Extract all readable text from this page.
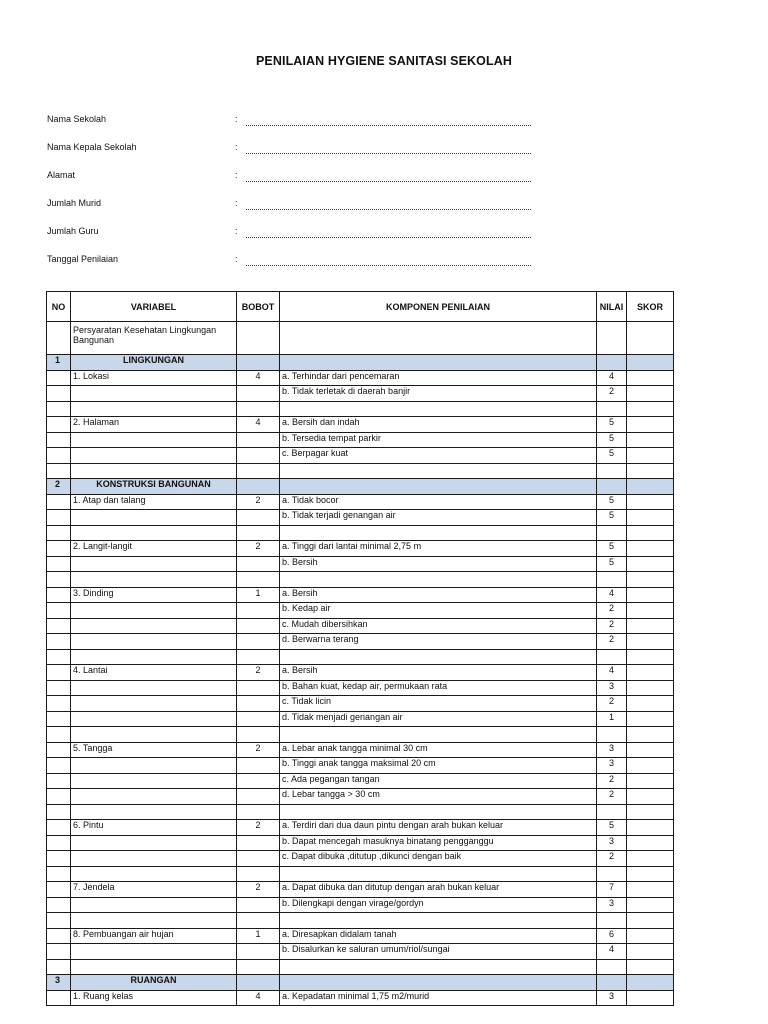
PENILAIAN HYGIENE SANITASI SEKOLAH
Nama Sekolah	:
Nama Kepala Sekolah	:
Alamat	:
Jumlah Murid	:
Jumlah Guru	:
Tanggal Penilaian	:
NO	VARIABEL	BOBOT	KOMPONEN PENILAIAN	NILAI	SKOR
	Persyaratan Kesehatan Lingkungan Bangunan				
1	LINGKUNGAN				
	1. Lokasi	4	a. Terhindar dari pencemaran	4	
			b. Tidak terletak di daerah banjir	2	

	2. Halaman	4	a. Bersih dan indah	5	
			b. Tersedia tempat parkir	5	
			c. Berpagar kuat	5	

2	KONSTRUKSI BANGUNAN				
	1. Atap dan talang	2	a. Tidak bocor	5	
			b. Tidak terjadi genangan air	5	

	2. Langit-langit	2	a. Tinggi dari lantai minimal 2,75 m	5	
			b. Bersih	5	

	3. Dinding	1	a. Bersih	4	
			b. Kedap air	2	
			c. Mudah dibersihkan	2	
			d. Berwarna terang	2	

	4. Lantai	2	a. Bersih	4	
			b. Bahan kuat, kedap air, permukaan rata	3	
			c. Tidak licin	2	
			d. Tidak menjadi genangan air	1	

	5. Tangga	2	a. Lebar anak tangga minimal 30 cm	3	
			b. Tinggi anak tangga maksimal 20 cm	3	
			c. Ada pegangan tangan	2	
			d. Lebar tangga > 30 cm	2	

	6. Pintu	2	a. Terdiri dari dua daun pintu dengan arah bukan keluar	5	
			b. Dapat mencegah masuknya binatang pengganggu	3	
			c. Dapat dibuka ,ditutup ,dikunci dengan baik	2	

	7. Jendela	2	a. Dapat dibuka dan ditutup dengan arah bukan keluar	7	
			b. Dilengkapi dengan virage/gordyn	3	

	8. Pembuangan air hujan	1	a. Diresapkan didalam tanah	6	
			b. Disalurkan ke saluran umum/riol/sungai	4	

3	RUANGAN				
	1. Ruang kelas	4	a. Kepadatan minimal 1,75 m2/murid	3	
